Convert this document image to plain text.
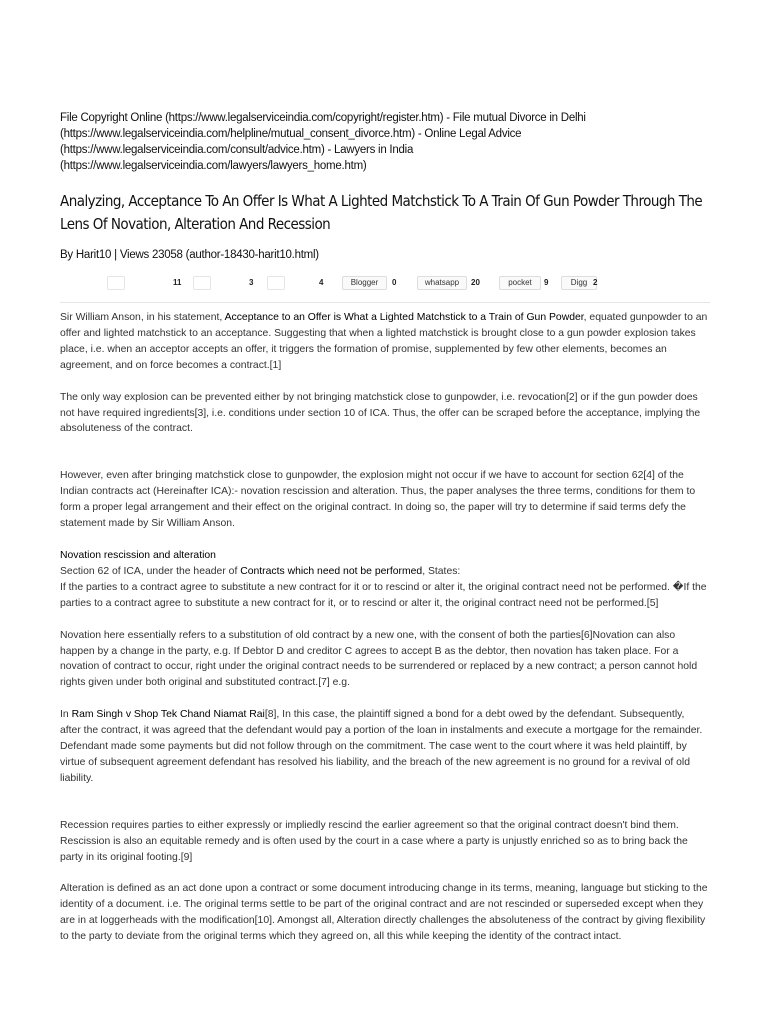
File Copyright Online (https://www.legalserviceindia.com/copyright/register.htm) - File mutual Divorce in Delhi
(https://www.legalserviceindia.com/helpline/mutual_consent_divorce.htm) - Online Legal Advice
(https://www.legalserviceindia.com/consult/advice.htm) - Lawyers in India
(https://www.legalserviceindia.com/lawyers/lawyers_home.htm)
Analyzing, Acceptance To An Offer Is What A Lighted Matchstick To A Train Of Gun Powder Through The
Lens Of Novation, Alteration And Recession
By Harit10 | Views 23058 (author-18430-harit10.html)
11	3	4	Blogger	0	whatsapp	20	pocket	9	Digg 2

Sir William Anson, in his statement, Acceptance to an Offer is What a Lighted Matchstick to a Train of Gun Powder, equated gunpowder to an offer and lighted matchstick to an acceptance. Suggesting that when a lighted matchstick is brought close to a gun powder explosion takes place, i.e. when an acceptor accepts an offer, it triggers the formation of promise, supplemented by few other elements, becomes an agreement, and on force becomes a contract.[1]

The only way explosion can be prevented either by not bringing matchstick close to gunpowder, i.e. revocation[2] or if the gun powder does not have required ingredients[3], i.e. conditions under section 10 of ICA. Thus, the offer can be scraped before the acceptance, implying the absoluteness of the contract.

However, even after bringing matchstick close to gunpowder, the explosion might not occur if we have to account for section 62[4] of the Indian contracts act (Hereinafter ICA):- novation rescission and alteration. Thus, the paper analyses the three terms, conditions for them to form a proper legal arrangement and their effect on the original contract. In doing so, the paper will try to determine if said terms defy the statement made by Sir William Anson.

Novation rescission and alteration

Section 62 of ICA, under the header of Contracts which need not be performed, States:

If the parties to a contract agree to substitute a new contract for it or to rescind or alter it, the original contract need not be performed. �If the parties to a contract agree to substitute a new contract for it, or to rescind or alter it, the original contract need not be performed.[5]

Novation here essentially refers to a substitution of old contract by a new one, with the consent of both the parties[6]Novation can also happen by a change in the party, e.g. If Debtor D and creditor C agrees to accept B as the debtor, then novation has taken place. For a novation of contract to occur, right under the original contract needs to be surrendered or replaced by a new contract; a person cannot hold rights given under both original and substituted contract.[7] e.g.

In Ram Singh v Shop Tek Chand Niamat Rai[8], In this case, the plaintiff signed a bond for a debt owed by the defendant. Subsequently, after the contract, it was agreed that the defendant would pay a portion of the loan in instalments and execute a mortgage for the remainder. Defendant made some payments but did not follow through on the commitment. The case went to the court where it was held plaintiff, by virtue of subsequent agreement defendant has resolved his liability, and the breach of the new agreement is no ground for a revival of old liability.

Recession requires parties to either expressly or impliedly rescind the earlier agreement so that the original contract doesn't bind them. Rescission is also an equitable remedy and is often used by the court in a case where a party is unjustly enriched so as to bring back the party in its original footing.[9]

Alteration is defined as an act done upon a contract or some document introducing change in its terms, meaning, language but sticking to the identity of a document. i.e. The original terms settle to be part of the original contract and are not rescinded or superseded except when they are in at loggerheads with the modification[10]. Amongst all, Alteration directly challenges the absoluteness of the contract by giving flexibility to the party to deviate from the original terms which they agreed on, all this while keeping the identity of the contract intact.
